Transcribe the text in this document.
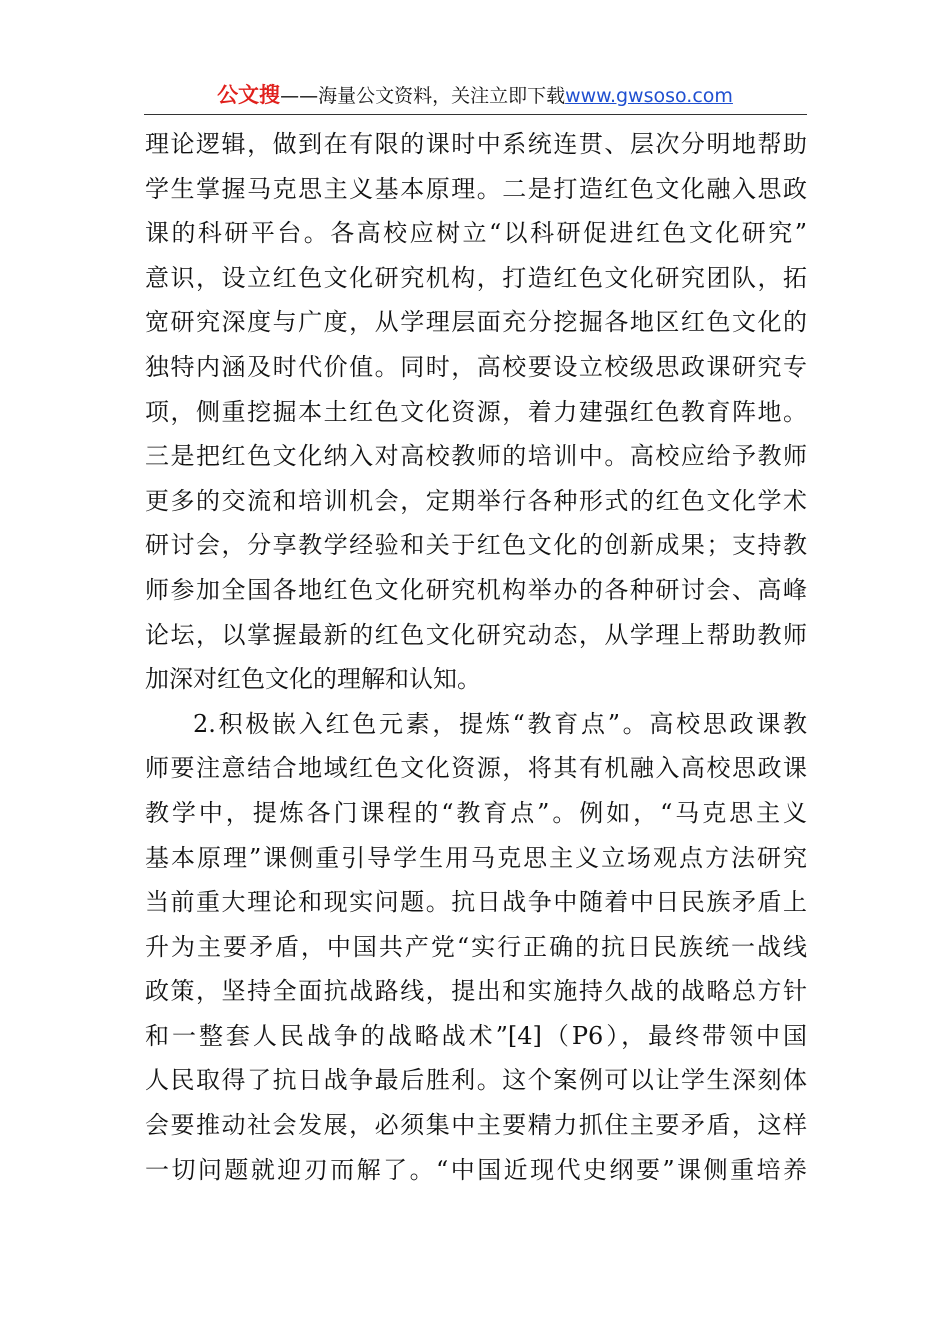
公文搜——海量公文资料，关注立即下载www.gwsoso.com
理论逻辑，做到在有限的课时中系统连贯、层次分明地帮助
学生掌握马克思主义基本原理。二是打造红色文化融入思政
课的科研平台。各高校应树立“以科研促进红色文化研究”
意识，设立红色文化研究机构，打造红色文化研究团队，拓
宽研究深度与广度，从学理层面充分挖掘各地区红色文化的
独特内涵及时代价值。同时，高校要设立校级思政课研究专
项，侧重挖掘本土红色文化资源，着力建强红色教育阵地。
三是把红色文化纳入对高校教师的培训中。高校应给予教师
更多的交流和培训机会，定期举行各种形式的红色文化学术
研讨会，分享教学经验和关于红色文化的创新成果；支持教
师参加全国各地红色文化研究机构举办的各种研讨会、高峰
论坛，以掌握最新的红色文化研究动态，从学理上帮助教师
加深对红色文化的理解和认知。
2.积极嵌入红色元素，提炼“教育点”。高校思政课教
师要注意结合地域红色文化资源，将其有机融入高校思政课
教学中，提炼各门课程的“教育点”。例如，“马克思主义
基本原理”课侧重引导学生用马克思主义立场观点方法研究
当前重大理论和现实问题。抗日战争中随着中日民族矛盾上
升为主要矛盾，中国共产党“实行正确的抗日民族统一战线
政策，坚持全面抗战路线，提出和实施持久战的战略总方针
和一整套人民战争的战略战术”[4]（P6），最终带领中国
人民取得了抗日战争最后胜利。这个案例可以让学生深刻体
会要推动社会发展，必须集中主要精力抓住主要矛盾，这样
一切问题就迎刃而解了。“中国近现代史纲要”课侧重培养
